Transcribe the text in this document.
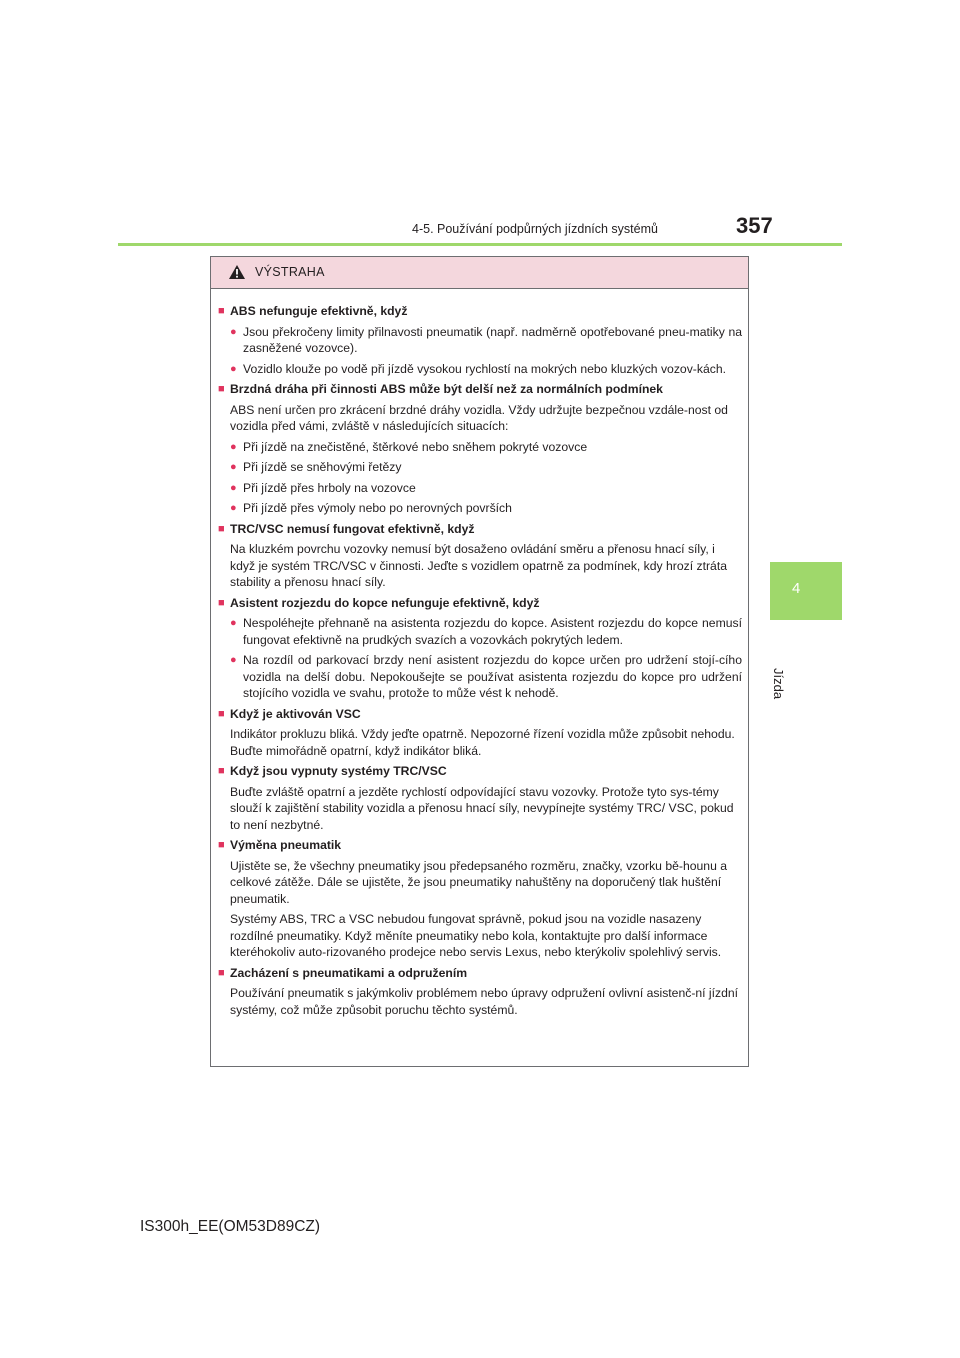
4-5. Používání podpůrných jízdních systémů	357
4
Jízda
VÝSTRAHA
■ ABS nefunguje efektivně, když
● Jsou překročeny limity přilnavosti pneumatik (např. nadměrně opotřebované pneu-matiky na zasněžené vozovce).
● Vozidlo klouže po vodě při jízdě vysokou rychlostí na mokrých nebo kluzkých vozov-kách.
■ Brzdná dráha při činnosti ABS může být delší než za normálních podmínek
ABS není určen pro zkrácení brzdné dráhy vozidla. Vždy udržujte bezpečnou vzdále-nost od vozidla před vámi, zvláště v následujících situacích:
● Při jízdě na znečistěné, štěrkové nebo sněhem pokryté vozovce
● Při jízdě se sněhovými řetězy
● Při jízdě přes hrboly na vozovce
● Při jízdě přes výmoly nebo po nerovných površích
■ TRC/VSC nemusí fungovat efektivně, když
Na kluzkém povrchu vozovky nemusí být dosaženo ovládání směru a přenosu hnací síly, i když je systém TRC/VSC v činnosti. Jeďte s vozidlem opatrně za podmínek, kdy hrozí ztráta stability a přenosu hnací síly.
■ Asistent rozjezdu do kopce nefunguje efektivně, když
● Nespoléhejte přehnaně na asistenta rozjezdu do kopce. Asistent rozjezdu do kopce nemusí fungovat efektivně na prudkých svazích a vozovkách pokrytých ledem.
● Na rozdíl od parkovací brzdy není asistent rozjezdu do kopce určen pro udržení stojí-cího vozidla na delší dobu. Nepokoušejte se používat asistenta rozjezdu do kopce pro udržení stojícího vozidla ve svahu, protože to může vést k nehodě.
■ Když je aktivován VSC
Indikátor prokluzu bliká. Vždy jeďte opatrně. Nepozorné řízení vozidla může způsobit nehodu. Buďte mimořádně opatrní, když indikátor bliká.
■ Když jsou vypnuty systémy TRC/VSC
Buďte zvláště opatrní a jezděte rychlostí odpovídající stavu vozovky. Protože tyto sys-témy slouží k zajištění stability vozidla a přenosu hnací síly, nevypínejte systémy TRC/ VSC, pokud to není nezbytné.
■ Výměna pneumatik
Ujistěte se, že všechny pneumatiky jsou předepsaného rozměru, značky, vzorku bě-hounu a celkové zátěže. Dále se ujistěte, že jsou pneumatiky nahuštěny na doporučený tlak huštění pneumatik.
Systémy ABS, TRC a VSC nebudou fungovat správně, pokud jsou na vozidle nasazeny rozdílné pneumatiky. Když měníte pneumatiky nebo kola, kontaktujte pro další informace kteréhokoliv auto-rizovaného prodejce nebo servis Lexus, nebo kterýkoliv spolehlivý servis.
■ Zacházení s pneumatikami a odpružením
Používání pneumatik s jakýmkoliv problémem nebo úpravy odpružení ovlivní asistenč-ní jízdní systémy, což může způsobit poruchu těchto systémů.
IS300h_EE(OM53D89CZ)
